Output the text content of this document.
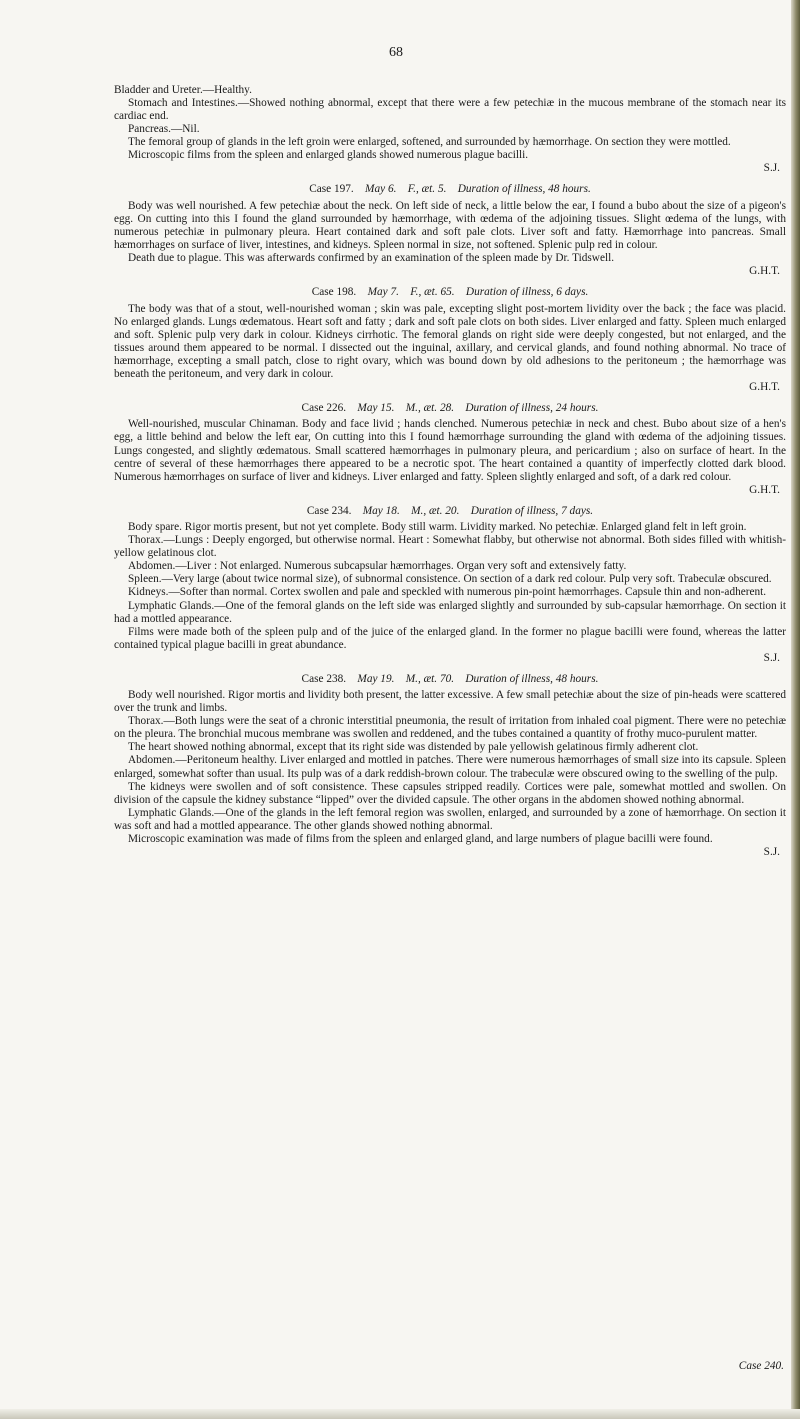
68

Bladder and Ureter.—Healthy.

Stomach and Intestines.—Showed nothing abnormal, except that there were a few petechiæ in the mucous membrane of the stomach near its cardiac end.

Pancreas.—Nil.

The femoral group of glands in the left groin were enlarged, softened, and surrounded by hæmorrhage. On section they were mottled.

Microscopic films from the spleen and enlarged glands showed numerous plague bacilli.

S.J.

Case 197.  May 6.  F., æt. 5.  Duration of illness, 48 hours.

Body was well nourished. A few petechiæ about the neck. On left side of neck, a little below the ear, I found a bubo about the size of a pigeon's egg. On cutting into this I found the gland surrounded by hæmorrhage, with œdema of the adjoining tissues. Slight œdema of the lungs, with numerous petechiæ in pulmonary pleura. Heart contained dark and soft pale clots. Liver soft and fatty. Hæmorrhage into pancreas. Small hæmorrhages on surface of liver, intestines, and kidneys. Spleen normal in size, not softened. Splenic pulp red in colour.

Death due to plague. This was afterwards confirmed by an examination of the spleen made by Dr. Tidswell.

G.H.T.

Case 198.  May 7.  F., æt. 65.  Duration of illness, 6 days.

The body was that of a stout, well-nourished woman ; skin was pale, excepting slight post-mortem lividity over the back ; the face was placid. No enlarged glands. Lungs œdematous. Heart soft and fatty ; dark and soft pale clots on both sides. Liver enlarged and fatty. Spleen much enlarged and soft. Splenic pulp very dark in colour. Kidneys cirrhotic. The femoral glands on right side were deeply congested, but not enlarged, and the tissues around them appeared to be normal. I dissected out the inguinal, axillary, and cervical glands, and found nothing abnormal. No trace of hæmorrhage, excepting a small patch, close to right ovary, which was bound down by old adhesions to the peritoneum ; the hæmorrhage was beneath the peritoneum, and very dark in colour.

G.H.T.

Case 226.  May 15.  M., æt. 28.  Duration of illness, 24 hours.

Well-nourished, muscular Chinaman. Body and face livid ; hands clenched. Numerous petechiæ in neck and chest. Bubo about size of a hen's egg, a little behind and below the left ear, On cutting into this I found hæmorrhage surrounding the gland with œdema of the adjoining tissues. Lungs congested, and slightly œdematous. Small scattered hæmorrhages in pulmonary pleura, and pericardium ; also on surface of heart. In the centre of several of these hæmorrhages there appeared to be a necrotic spot. The heart contained a quantity of imperfectly clotted dark blood. Numerous hæmorrhages on surface of liver and kidneys. Liver enlarged and fatty. Spleen slightly enlarged and soft, of a dark red colour.

G.H.T.

Case 234.  May 18.  M., æt. 20.  Duration of illness, 7 days.

Body spare. Rigor mortis present, but not yet complete. Body still warm. Lividity marked. No petechiæ. Enlarged gland felt in left groin.

Thorax.—Lungs : Deeply engorged, but otherwise normal. Heart : Somewhat flabby, but otherwise not abnormal. Both sides filled with whitish-yellow gelatinous clot.

Abdomen.—Liver : Not enlarged. Numerous subcapsular hæmorrhages. Organ very soft and extensively fatty.

Spleen.—Very large (about twice normal size), of subnormal consistence. On section of a dark red colour. Pulp very soft. Trabeculæ obscured.

Kidneys.—Softer than normal. Cortex swollen and pale and speckled with numerous pin-point hæmorrhages. Capsule thin and non-adherent.

Lymphatic Glands.—One of the femoral glands on the left side was enlarged slightly and surrounded by sub-capsular hæmorrhage. On section it had a mottled appearance.

Films were made both of the spleen pulp and of the juice of the enlarged gland. In the former no plague bacilli were found, whereas the latter contained typical plague bacilli in great abundance.

S.J.

Case 238.  May 19.  M., æt. 70.  Duration of illness, 48 hours.

Body well nourished. Rigor mortis and lividity both present, the latter excessive. A few small petechiæ about the size of pin-heads were scattered over the trunk and limbs.

Thorax.—Both lungs were the seat of a chronic interstitial pneumonia, the result of irritation from inhaled coal pigment. There were no petechiæ on the pleura. The bronchial mucous membrane was swollen and reddened, and the tubes contained a quantity of frothy muco-purulent matter.

The heart showed nothing abnormal, except that its right side was distended by pale yellowish gelatinous firmly adherent clot.

Abdomen.—Peritoneum healthy. Liver enlarged and mottled in patches. There were numerous hæmorrhages of small size into its capsule. Spleen enlarged, somewhat softer than usual. Its pulp was of a dark reddish-brown colour. The trabeculæ were obscured owing to the swelling of the pulp.

The kidneys were swollen and of soft consistence. These capsules stripped readily. Cortices were pale, somewhat mottled and swollen. On division of the capsule the kidney substance “lipped” over the divided capsule. The other organs in the abdomen showed nothing abnormal.

Lymphatic Glands.—One of the glands in the left femoral region was swollen, enlarged, and surrounded by a zone of hæmorrhage. On section it was soft and had a mottled appearance. The other glands showed nothing abnormal.

Microscopic examination was made of films from the spleen and enlarged gland, and large numbers of plague bacilli were found.

S.J.

Case 240.
